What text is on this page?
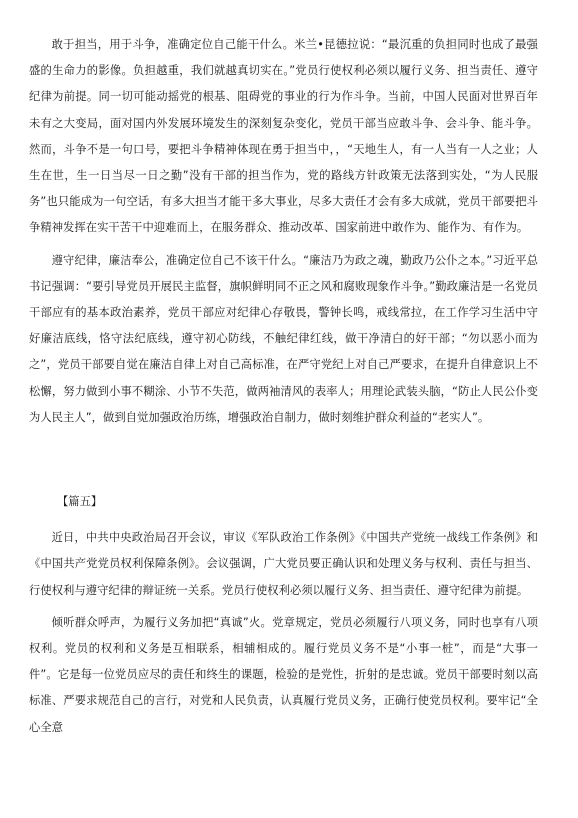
敢于担当，用于斗争，准确定位自己能干什么。米兰•昆德拉说：“最沉重的负担同时也成了最强盛的生命力的影像。负担越重，我们就越真切实在。”党员行使权利必须以履行义务、担当责任、遵守纪律为前提。同一切可能动摇党的根基、阻碍党的事业的行为作斗争。当前，中国人民面对世界百年未有之大变局，面对国内外发展环境发生的深刻复杂变化，党员干部当应敢斗争、会斗争、能斗争。然而，斗争不是一句口号，要把斗争精神体现在勇于担当中，，“天地生人，有一人当有一人之业；人生在世，生一日当尽一日之勤”没有干部的担当作为，党的路线方针政策无法落到实处，“为人民服务”也只能成为一句空话，有多大担当才能干多大事业，尽多大责任才会有多大成就，党员干部要把斗争精神发挥在实干苦干中迎难而上，在服务群众、推动改革、国家前进中敢作为、能作为、有作为。

遵守纪律，廉洁奉公，准确定位自己不该干什么。“廉洁乃为政之魂，勤政乃公仆之本。”习近平总书记强调：“要引导党员开展民主监督，旗帜鲜明同不正之风和腐败现象作斗争。”勤政廉洁是一名党员干部应有的基本政治素养，党员干部应对纪律心存敬畏，警钟长鸣，戒线常拉，在工作学习生活中守好廉洁底线，恪守法纪底线，遵守初心防线，不触纪律红线，做干净清白的好干部；“勿以恶小而为之”，党员干部要自觉在廉洁自律上对自己高标准，在严守党纪上对自己严要求，在提升自律意识上不松懈，努力做到小事不糊涂、小节不失范，做两袖清风的表率人；用理论武装头脑，“防止人民公仆变为人民主人”，做到自觉加强政治历练，增强政治自制力，做时刻维护群众利益的“老实人”。

【篇五】

近日，中共中央政治局召开会议，审议《军队政治工作条例》《中国共产党统一战线工作条例》和《中国共产党党员权利保障条例》。会议强调，广大党员要正确认识和处理义务与权利、责任与担当、行使权利与遵守纪律的辩证统一关系。党员行使权利必须以履行义务、担当责任、遵守纪律为前提。

倾听群众呼声，为履行义务加把“真诚”火。党章规定，党员必须履行八项义务，同时也享有八项权利。党员的权利和义务是互相联系，相辅相成的。履行党员义务不是“小事一桩”，而是“大事一件”。它是每一位党员应尽的责任和终生的课题，检验的是党性，折射的是忠诚。党员干部要时刻以高标准、严要求规范自己的言行，对党和人民负责，认真履行党员义务，正确行使党员权利。要牢记“全心全意
